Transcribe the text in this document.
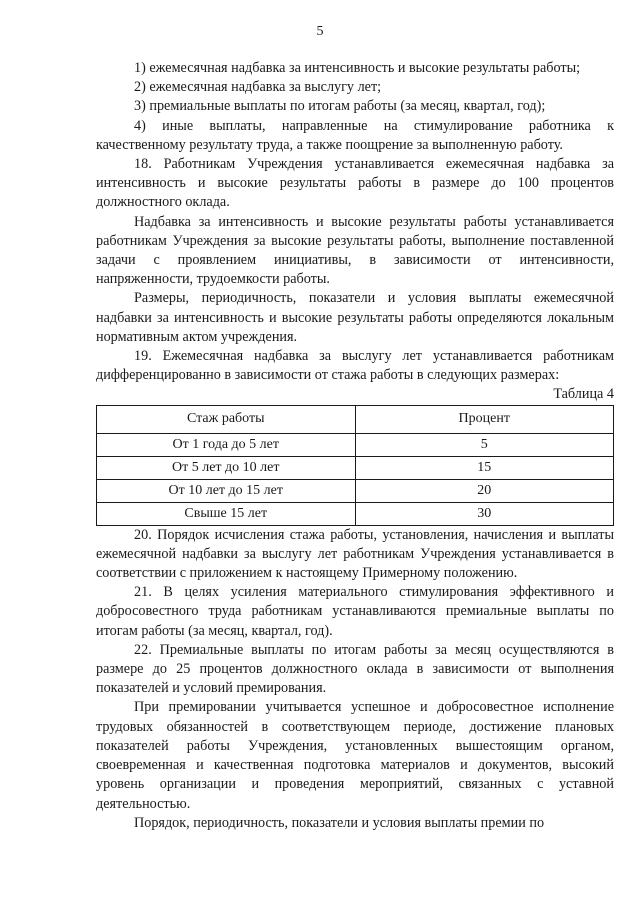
5

1) ежемесячная надбавка за интенсивность и высокие результаты работы;

2) ежемесячная надбавка за выслугу лет;

3) премиальные выплаты по итогам работы (за месяц, квартал, год);

4) иные выплаты, направленные на стимулирование работника к качественному результату труда, а также поощрение за выполненную работу.

18. Работникам Учреждения устанавливается ежемесячная надбавка за интенсивность и высокие результаты работы в размере до 100 процентов должностного оклада.

Надбавка за интенсивность и высокие результаты работы устанавливается работникам Учреждения за высокие результаты работы, выполнение поставленной задачи с проявлением инициативы, в зависимости от интенсивности, напряженности, трудоемкости работы.

Размеры, периодичность, показатели и условия выплаты ежемесячной надбавки за интенсивность и высокие результаты работы определяются локальным нормативным актом учреждения.

19. Ежемесячная надбавка за выслугу лет устанавливается работникам дифференцированно в зависимости от стажа работы в следующих размерах:

Таблица 4

Стаж работы	Процент
От 1 года до 5 лет	5
От 5 лет до 10 лет	15
От 10 лет до 15 лет	20
Свыше 15 лет	30

20. Порядок исчисления стажа работы, установления, начисления и выплаты ежемесячной надбавки за выслугу лет работникам Учреждения устанавливается в соответствии с приложением к настоящему Примерному положению.

21. В целях усиления материального стимулирования эффективного и добросовестного труда работникам устанавливаются премиальные выплаты по итогам работы (за месяц, квартал, год).

22. Премиальные выплаты по итогам работы за месяц осуществляются в размере до 25 процентов должностного оклада в зависимости от выполнения показателей и условий премирования.

При премировании учитывается успешное и добросовестное исполнение трудовых обязанностей в соответствующем периоде, достижение плановых показателей работы Учреждения, установленных вышестоящим органом, своевременная и качественная подготовка материалов и документов, высокий уровень организации и проведения мероприятий, связанных с уставной деятельностью.

Порядок, периодичность, показатели и условия выплаты премии по
